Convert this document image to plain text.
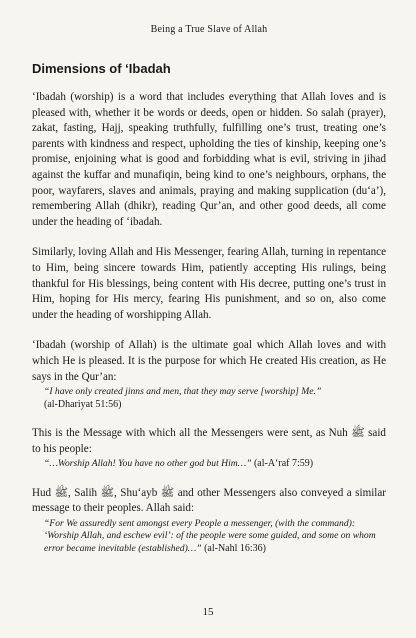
Being a True Slave of Allah
Dimensions of ‘Ibadah

‘Ibadah (worship) is a word that includes everything that Allah loves and is pleased with, whether it be words or deeds, open or hidden. So salah (prayer), zakat, fasting, Hajj, speaking truthfully, fulfilling one’s trust, treating one’s parents with kindness and respect, upholding the ties of kinship, keeping one’s promise, enjoining what is good and forbidding what is evil, striving in jihad against the kuffar and munafiqin, being kind to one’s neighbours, orphans, the poor, wayfarers, slaves and animals, praying and making supplication (du‘a’), remembering Allah (dhikr), reading Qur’an, and other good deeds, all come under the heading of ‘ibadah.

Similarly, loving Allah and His Messenger, fearing Allah, turning in repentance to Him, being sincere towards Him, patiently accepting His rulings, being thankful for His blessings, being content with His decree, putting one’s trust in Him, hoping for His mercy, fearing His punishment, and so on, also come under the heading of worshipping Allah.

‘Ibadah (worship of Allah) is the ultimate goal which Allah loves and with which He is pleased. It is the purpose for which He created His creation, as He says in the Qur’an:

“I have only created jinns and men, that they may serve [worship] Me.”
(al-Dhariyat 51:56)

This is the Message with which all the Messengers were sent, as Nuh ﷺ said to his people:

“…Worship Allah! You have no other god but Him…” (al-A‘raf 7:59)

Hud ﷺ, Salih ﷺ, Shu‘ayb ﷺ and other Messengers also conveyed a similar message to their peoples. Allah said:

“For We assuredly sent amongst every People a messenger, (with the command): ‘Worship Allah, and eschew evil’: of the people were some guided, and some on whom error became inevitable (established)…” (al-Nahl 16:36)

15
